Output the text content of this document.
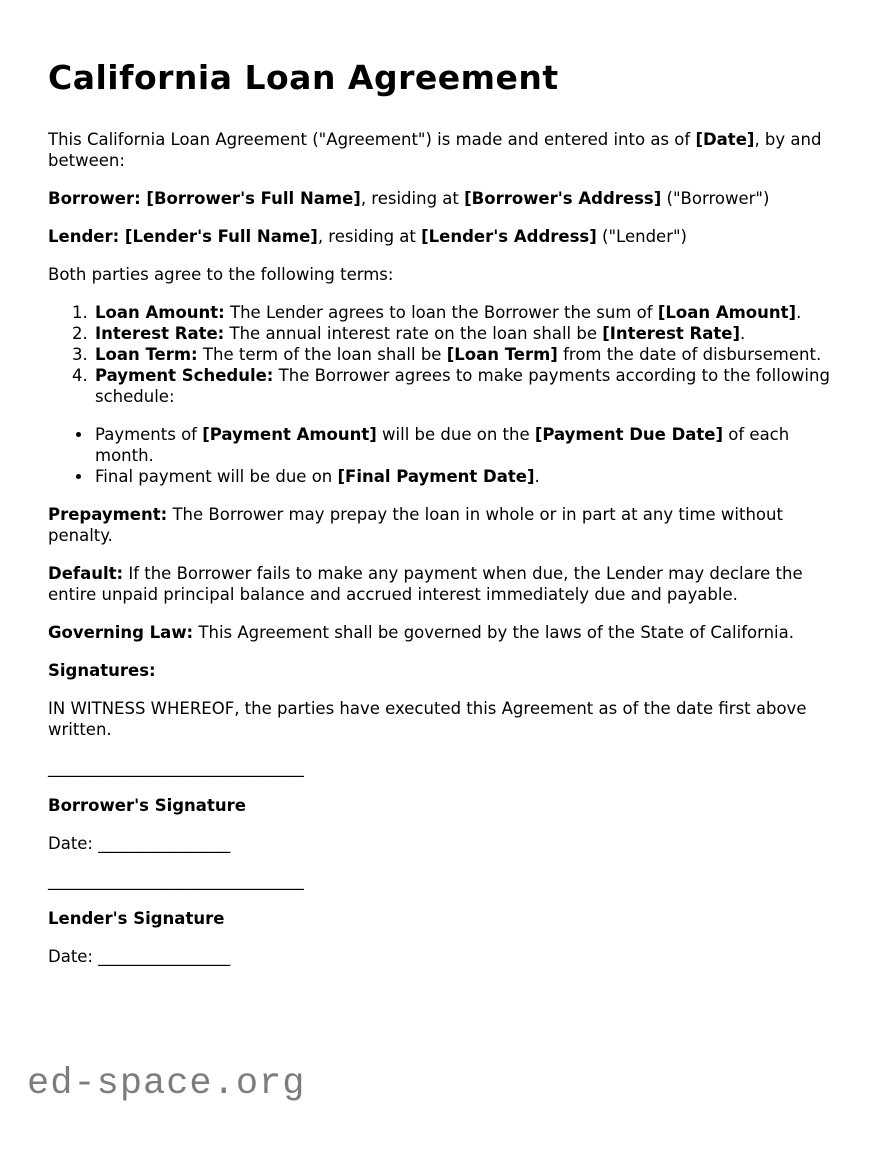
California Loan Agreement

This California Loan Agreement ("Agreement") is made and entered into as of [Date], by and between:

Borrower: [Borrower's Full Name], residing at [Borrower's Address] ("Borrower")

Lender: [Lender's Full Name], residing at [Lender's Address] ("Lender")

Both parties agree to the following terms:

1. Loan Amount: The Lender agrees to loan the Borrower the sum of [Loan Amount].
2. Interest Rate: The annual interest rate on the loan shall be [Interest Rate].
3. Loan Term: The term of the loan shall be [Loan Term] from the date of disbursement.
4. Payment Schedule: The Borrower agrees to make payments according to the following schedule:
• Payments of [Payment Amount] will be due on the [Payment Due Date] of each month.
• Final payment will be due on [Final Payment Date].

Prepayment: The Borrower may prepay the loan in whole or in part at any time without penalty.

Default: If the Borrower fails to make any payment when due, the Lender may declare the entire unpaid principal balance and accrued interest immediately due and payable.

Governing Law: This Agreement shall be governed by the laws of the State of California.

Signatures:

IN WITNESS WHEREOF, the parties have executed this Agreement as of the date first above written.

_______________________________

Borrower's Signature

Date: ________________

_______________________________

Lender's Signature

Date: ________________

ed-space.org
